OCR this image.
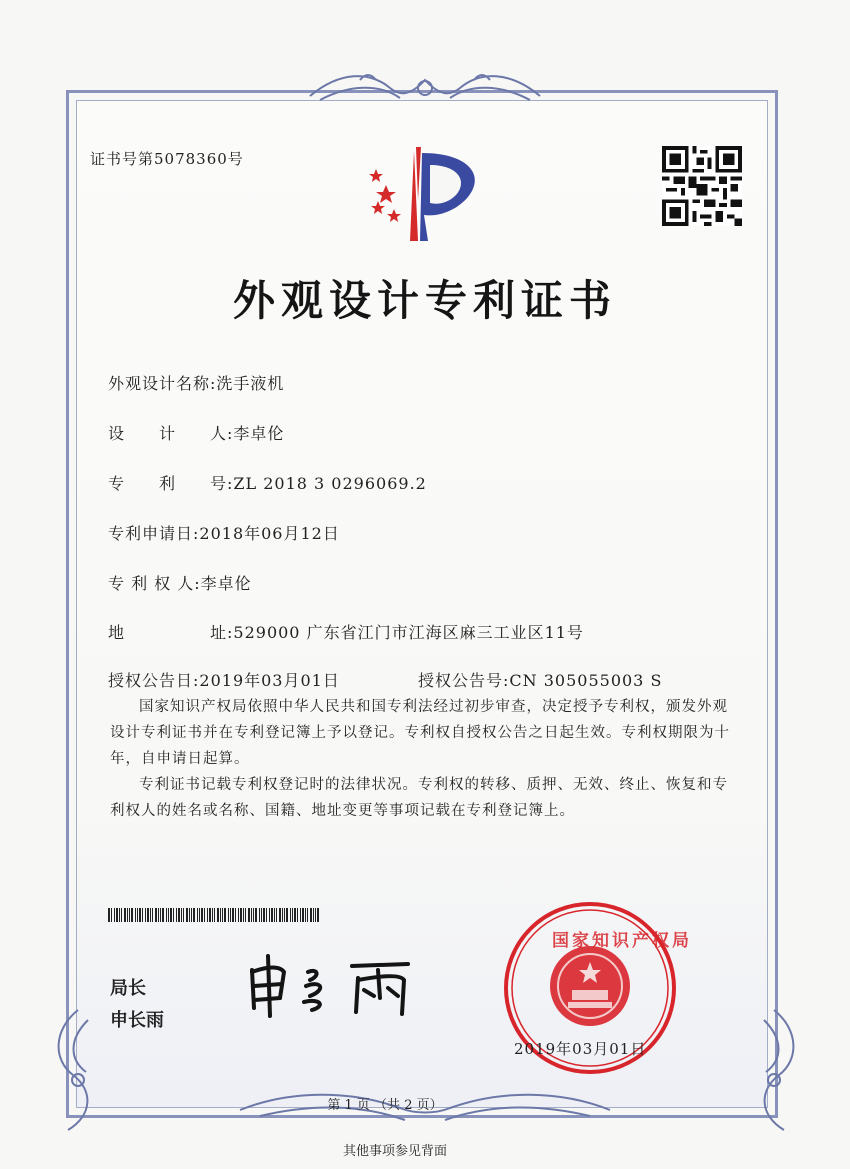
证书号第5078360号
外观设计专利证书
外观设计名称:洗手液机
设　　计　　人:李卓伦
专　　利　　号:ZL 2018 3 0296069.2
专利申请日:2018年06月12日
专 利 权 人:李卓伦
地　　　　　址:529000 广东省江门市江海区麻三工业区11号
授权公告日:2019年03月01日	授权公告号:CN 305055003 S

国家知识产权局依照中华人民共和国专利法经过初步审查，决定授予专利权，颁发外观设计专利证书并在专利登记簿上予以登记。专利权自授权公告之日起生效。专利权期限为十年，自申请日起算。

专利证书记载专利权登记时的法律状况。专利权的转移、质押、无效、终止、恢复和专利权人的姓名或名称、国籍、地址变更等事项记载在专利登记簿上。

局长
申长雨
国家知识产权局
2019年03月01日
第 1 页 （共 2 页）
其他事项参见背面
